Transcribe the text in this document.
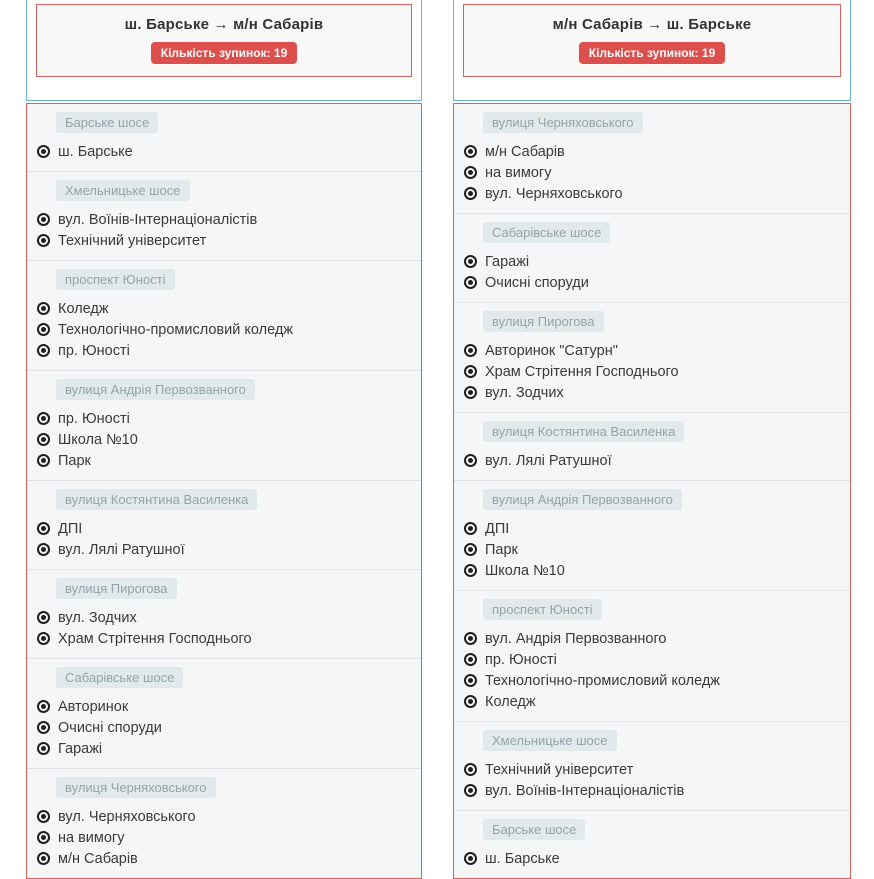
ш. Барське → м/н Сабарів
Кількість зупинок: 19
Барське шосе
ш. Барське
Хмельницьке шосе
вул. Воїнів-Інтернаціоналістів
Технічний університет
проспект Юності
Коледж
Технологічно-промисловий коледж
пр. Юності
вулиця Андрія Первозванного
пр. Юності
Школа №10
Парк
вулиця Костянтина Василенка
ДПІ
вул. Лялі Ратушної
вулиця Пирогова
вул. Зодчих
Храм Стрітення Господнього
Сабарівське шосе
Авторинок
Очисні споруди
Гаражі
вулиця Черняховського
вул. Черняховського
на вимогу
м/н Сабарів
м/н Сабарів → ш. Барське
Кількість зупинок: 19
вулиця Черняховського
м/н Сабарів
на вимогу
вул. Черняховського
Сабарівське шосе
Гаражі
Очисні споруди
вулиця Пирогова
Авторинок "Сатурн"
Храм Стрітення Господнього
вул. Зодчих
вулиця Костянтина Василенка
вул. Лялі Ратушної
вулиця Андрія Первозванного
ДПІ
Парк
Школа №10
проспект Юності
вул. Андрія Первозванного
пр. Юності
Технологічно-промисловий коледж
Коледж
Хмельницьке шосе
Технічний університет
вул. Воїнів-Інтернаціоналістів
Барське шосе
ш. Барське
